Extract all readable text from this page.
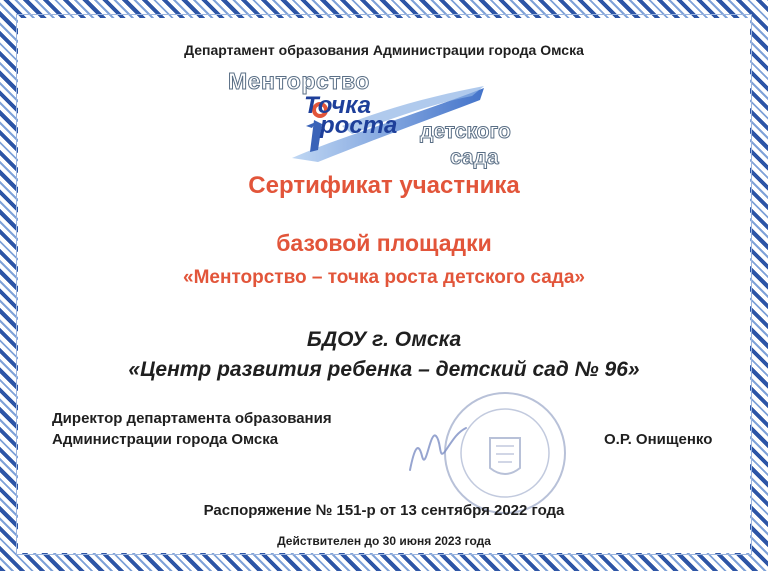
Департамент образования Администрации города Омска
Менторство
Точка
роста детского
сада
Сертификат участника
базовой площадки
«Менторство – точка роста детского сада»
БДОУ г. Омска
«Центр развития ребенка – детский сад № 96»
Директор департамента образования
Администрации города Омска	О.Р. Онищенко
Распоряжение № 151-р от 13 сентября 2022 года
Действителен до 30 июня 2023 года
